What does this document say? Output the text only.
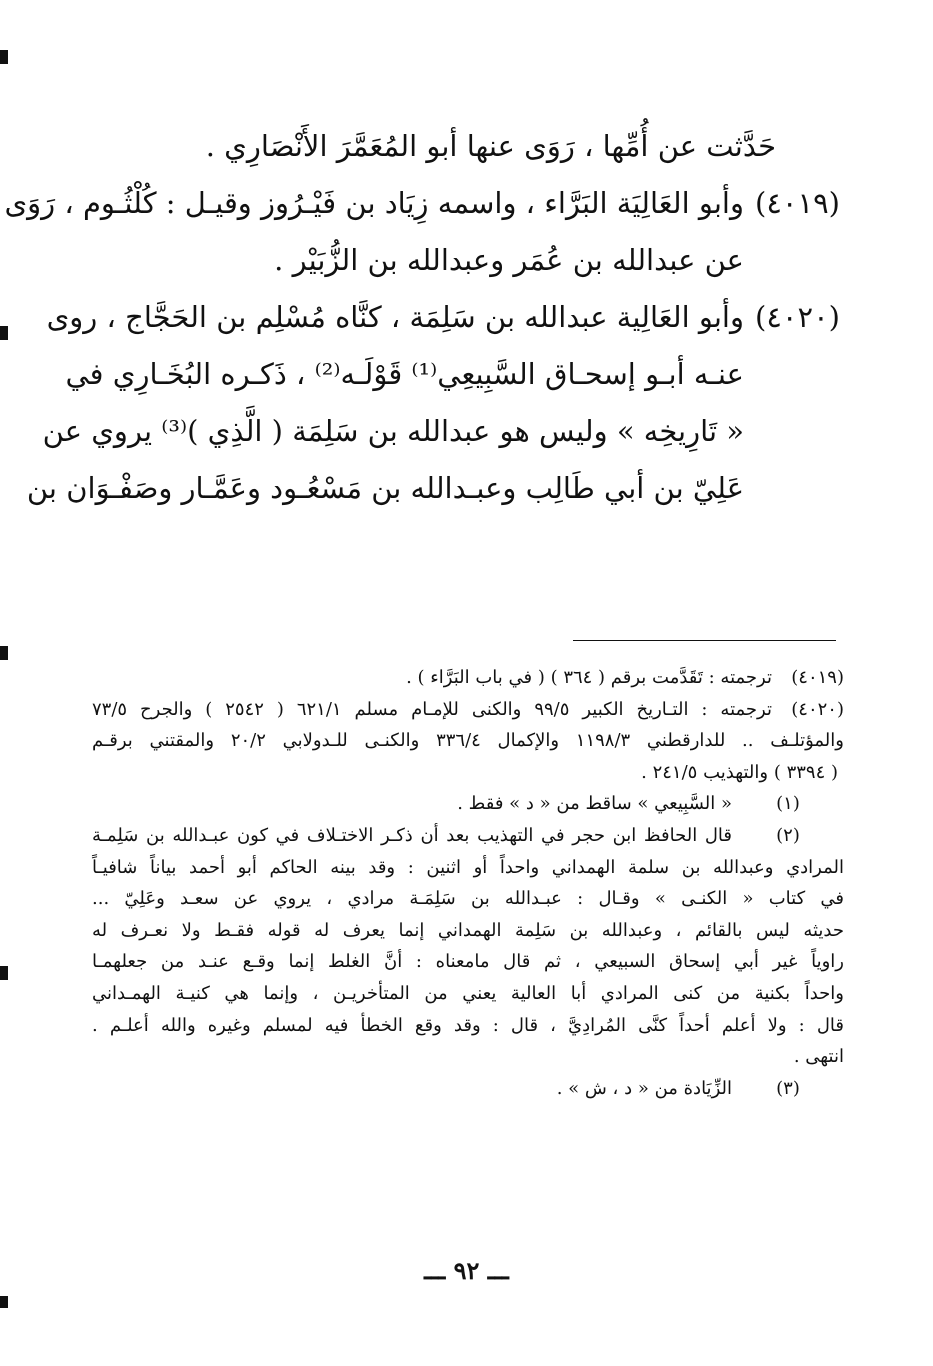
حَدَّثت عن أُمِّها ، رَوَى عنها أبو المُعَمَّرَ الأَنْصَارِي .
(٤٠١٩)
وأبو العَالِيَة البَرَّاء ، واسمه زِيَاد بن فَيْـرُوز وقيـل : كُلْثُـوم ، رَوَى
عن عبدالله بن عُمَر وعبدالله بن الزُّبَيْر .
(٤٠٢٠)
وأبو العَالِية عبدالله بن سَلِمَة ، كنَّاه مُسْلِم بن الحَجَّاج ، روى
عنـه أبـو إسحـاق السَّبِيعِي⁽¹⁾ قَوْلَـه⁽²⁾ ، ذَكـره البُخَـارِي في
« تَارِيخِه » وليس هو عبدالله بن سَلِمَة ( الَّذِي )⁽³⁾ يروي عن
عَلِيّ بن أبي طَالِب وعبـدالله بن مَسْعُـود وعَمَّـار وصَفْـوَان بن
(٤٠١٩)
ترجمته : تَقَدَّمت برقم ( ٣٦٤ ) ( في باب البَرَّاء ) .
(٤٠٢٠)
ترجمته : التـاريخ الكبير ٩٩/٥ والكنى للإمـام مسلم ٦٢١/١ ( ٢٥٤٢ ) والجرح ٧٣/٥
والمؤتلـف .. للدارقطني ١١٩٨/٣ والإكمال ٣٣٦/٤ والكنـى للـدولابي ٢٠/٢ والمقتني برقـم
( ٣٣٩٤ ) والتهذيب ٢٤١/٥ .
(١)
« السَّبِيعي » ساقط من « د » فقط .
(٢)
قال الحافظ ابن حجر في التهذيب بعد أن ذكـر الاختـلاف في كون عبـدالله بن سَلِمـة
المرادي وعبدالله بن سلمة الهمداني واحداً أو اثنين : وقد بينه الحاكم أبو أحمد بياناً شافيـاً
في كتاب « الكنـى » وقـال : عبـدالله بن سَلِمَـة مرادي ، يروي عن سعـد وعَلِيّ ...
حديثه ليس بالقائم ، وعبدالله بن سَلِمة الهمداني إنما يعرف له قوله فقـط ولا نعـرف له
راوياً غير أبي إسحاق السبيعي ، ثم قال مامعناه : أنَّ الغلط إنما وقـع عنـد من جعلهمـا
واحداً بكنية من كنى المرادي أبا العالية يعني من المتأخريـن ، وإنما هي كنيـة الهمـداني
قال : ولا أعلم أحداً كنَّى المُرادِيَّ ، قال : وقد وقع الخطأ فيه لمسلم وغيره والله أعلـم .
انتهى .
(٣)
الزِّيَادة من « د ، ش » .
ـــ ٩٢ ـــ
